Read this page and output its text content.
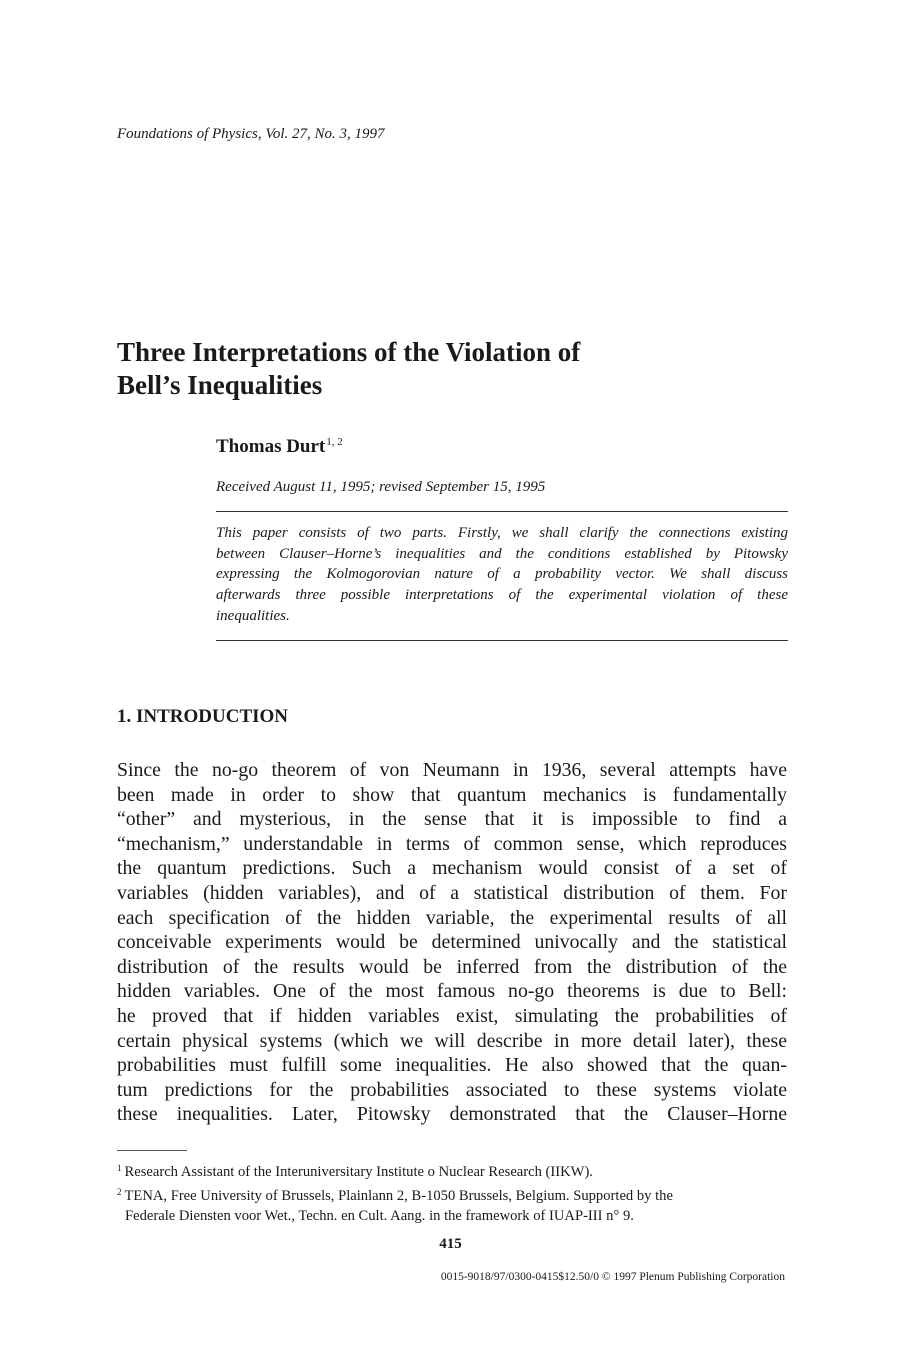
Foundations of Physics, Vol. 27, No. 3, 1997
Three Interpretations of the Violation of
Bell’s Inequalities
Thomas Durt$^{1, 2}$
Received August 11, 1995; revised September 15, 1995
This paper consists of two parts. Firstly, we shall clarify the connections existing
between Clauser–Horne’s inequalities and the conditions established by Pitowsky
expressing the Kolmogorovian nature of a probability vector. We shall discuss
afterwards three possible interpretations of the experimental violation of these
inequalities.
1. INTRODUCTION
Since the no-go theorem of von Neumann in 1936, several attempts have
been made in order to show that quantum mechanics is fundamentally
“other” and mysterious, in the sense that it is impossible to find a
“mechanism,” understandable in terms of common sense, which reproduces
the quantum predictions. Such a mechanism would consist of a set of
variables (hidden variables), and of a statistical distribution of them. For
each specification of the hidden variable, the experimental results of all
conceivable experiments would be determined univocally and the statistical
distribution of the results would be inferred from the distribution of the
hidden variables. One of the most famous no-go theorems is due to Bell:
he proved that if hidden variables exist, simulating the probabilities of
certain physical systems (which we will describe in more detail later), these
probabilities must fulfill some inequalities. He also showed that the quan-
tum predictions for the probabilities associated to these systems violate
these inequalities. Later, Pitowsky demonstrated that the Clauser–Horne
$^1$ Research Assistant of the Interuniversitary Institute o Nuclear Research (IIKW).
$^2$ TENA, Free University of Brussels, Plainlann 2, B-1050 Brussels, Belgium. Supported by the
Federale Diensten voor Wet., Techn. en Cult. Aang. in the framework of IUAP-III n° 9.
415
0015-9018/97/0300-0415$12.50/0 © 1997 Plenum Publishing Corporation
